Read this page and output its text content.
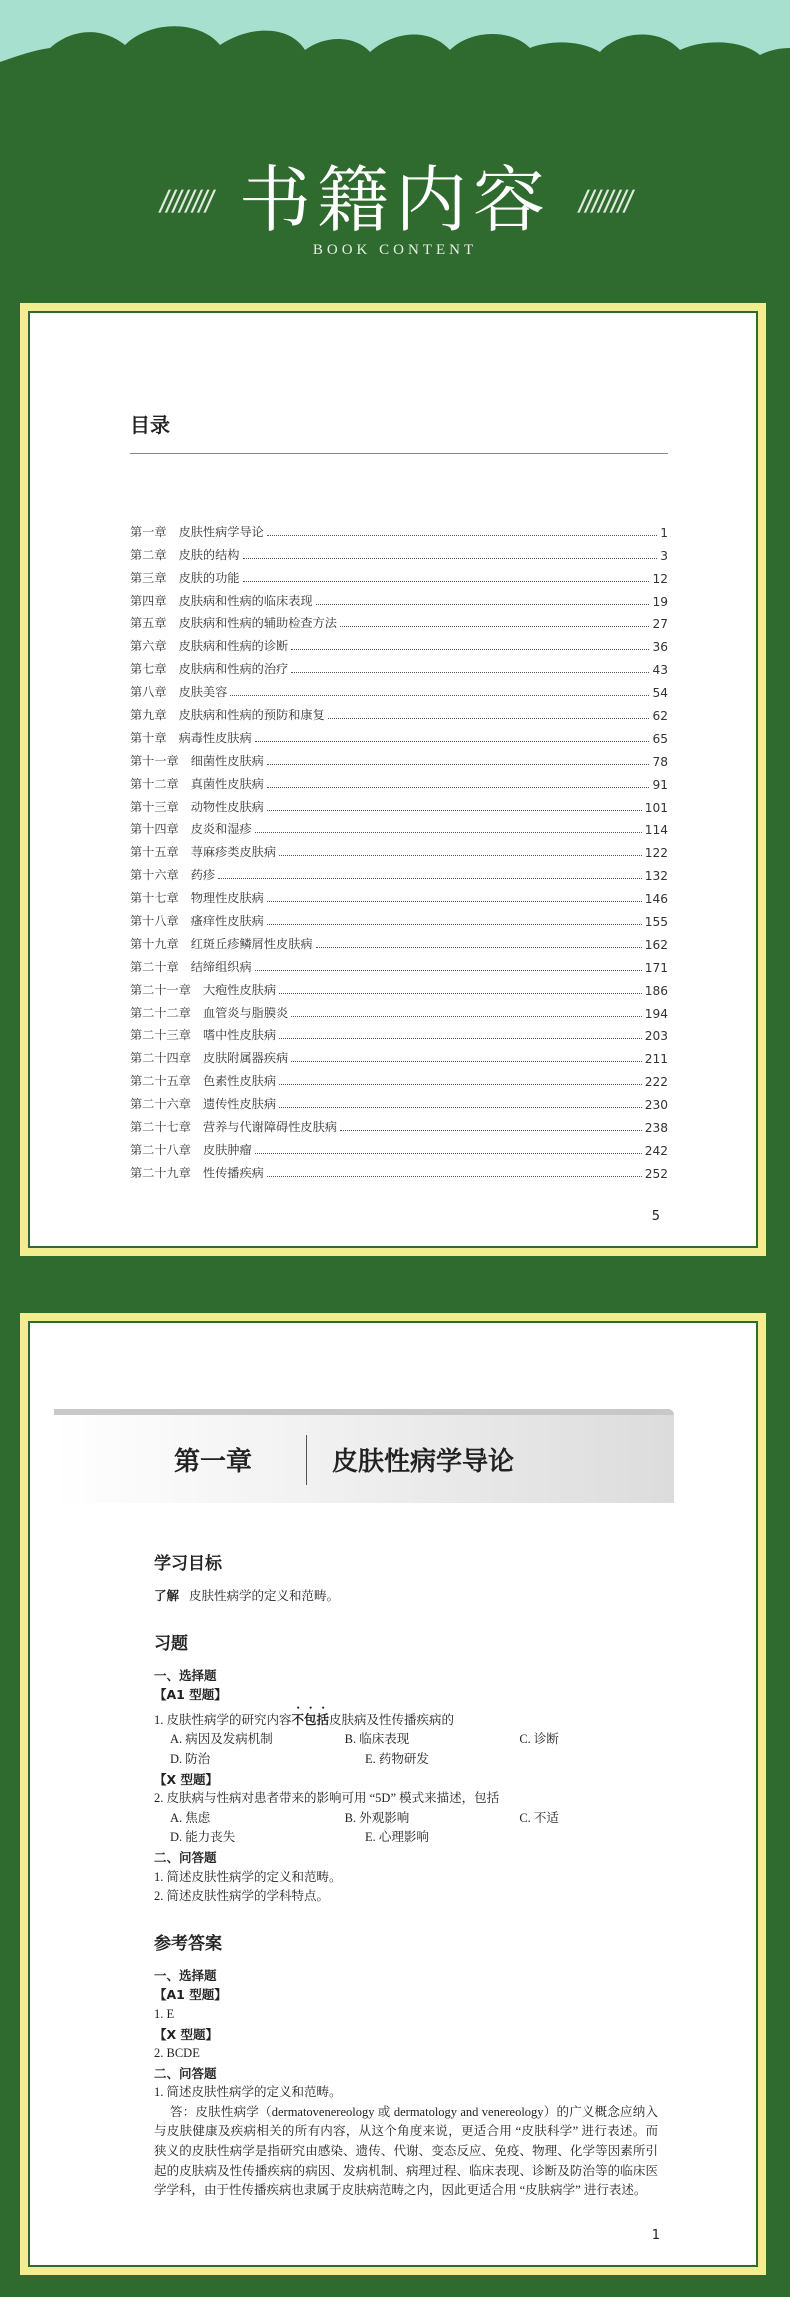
//////// 书籍内容 ////////
BOOK CONTENT
目录
第一章 皮肤性病学导论	1
第二章 皮肤的结构	3
第三章 皮肤的功能	12
第四章 皮肤病和性病的临床表现	19
第五章 皮肤病和性病的辅助检查方法	27
第六章 皮肤病和性病的诊断	36
第七章 皮肤病和性病的治疗	43
第八章 皮肤美容	54
第九章 皮肤病和性病的预防和康复	62
第十章 病毒性皮肤病	65
第十一章 细菌性皮肤病	78
第十二章 真菌性皮肤病	91
第十三章 动物性皮肤病	101
第十四章 皮炎和湿疹	114
第十五章 荨麻疹类皮肤病	122
第十六章 药疹	132
第十七章 物理性皮肤病	146
第十八章 瘙痒性皮肤病	155
第十九章 红斑丘疹鳞屑性皮肤病	162
第二十章 结缔组织病	171
第二十一章 大疱性皮肤病	186
第二十二章 血管炎与脂膜炎	194
第二十三章 嗜中性皮肤病	203
第二十四章 皮肤附属器疾病	211
第二十五章 色素性皮肤病	222
第二十六章 遗传性皮肤病	230
第二十七章 营养与代谢障碍性皮肤病	238
第二十八章 皮肤肿瘤	242
第二十九章 性传播疾病	252
5
第一章	皮肤性病学导论
学习目标
了解 皮肤性病学的定义和范畴。
习题
一、选择题
【A1 型题】
1. 皮肤性病学的研究内容不包括皮肤病及性传播疾病的
A. 病因及发病机制	B. 临床表现	C. 诊断
D. 防治	E. 药物研发
【X 型题】
2. 皮肤病与性病对患者带来的影响可用 “5D” 模式来描述，包括
A. 焦虑	B. 外观影响	C. 不适
D. 能力丧失	E. 心理影响
二、问答题
1. 简述皮肤性病学的定义和范畴。
2. 简述皮肤性病学的学科特点。
参考答案
一、选择题
【A1 型题】
1. E
【X 型题】
2. BCDE
二、问答题
1. 简述皮肤性病学的定义和范畴。
答：皮肤性病学（dermatovenereology 或 dermatology and venereology）的广义概念应纳入与皮肤健康及疾病相关的所有内容，从这个角度来说，更适合用 “皮肤科学” 进行表述。而狭义的皮肤性病学是指研究由感染、遗传、代谢、变态反应、免疫、物理、化学等因素所引起的皮肤病及性传播疾病的病因、发病机制、病理过程、临床表现、诊断及防治等的临床医学学科，由于性传播疾病也隶属于皮肤病范畴之内，因此更适合用 “皮肤病学” 进行表述。
1
